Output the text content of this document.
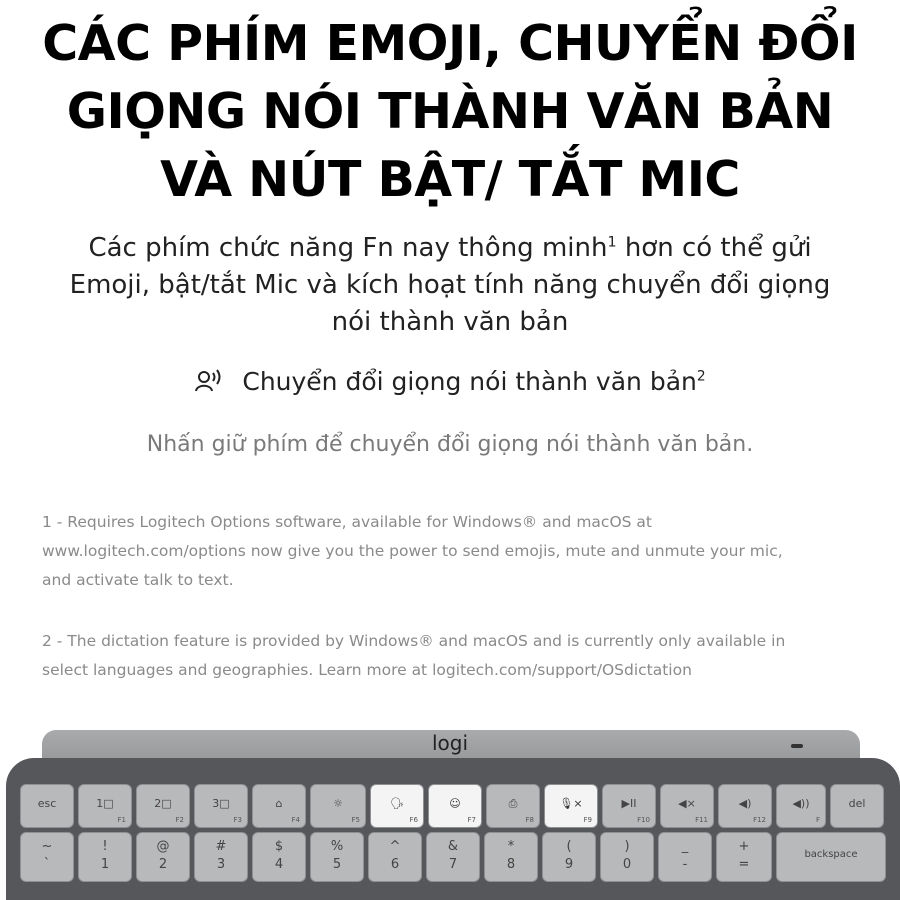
CÁC PHÍM EMOJI, CHUYỂN ĐỔI
GIỌNG NÓI THÀNH VĂN BẢN
VÀ NÚT BẬT/ TẮT MIC
Các phím chức năng Fn nay thông minh$^1$ hơn có thể gửi
Emoji, bật/tắt Mic và kích hoạt tính năng chuyển đổi giọng
nói thành văn bản
Chuyển đổi giọng nói thành văn bản$^2$
Nhấn giữ phím để chuyển đổi giọng nói thành văn bản.

1 - Requires Logitech Options software, available for Windows® and macOS at
www.logitech.com/options now give you the power to send emojis, mute and unmute your mic,
and activate talk to text.

2 - The dictation feature is provided by Windows® and macOS and is currently only available in
select languages and geographies. Learn more at logitech.com/support/OSdictation

logi
esc	1□
F1
2□
F2
3□
F3
⌂
F4
☼
F5
🗣
F6
☺
F7
⎙
F8
🎙×
F9
▶II
F10
◀×
F11
◀)
F12
◀))
F
del
~
`
!
1
@
2
#
3
$
4
%
5
^
6
&
7
*
8
(
9
)
0
_
-
+
=
backspace
